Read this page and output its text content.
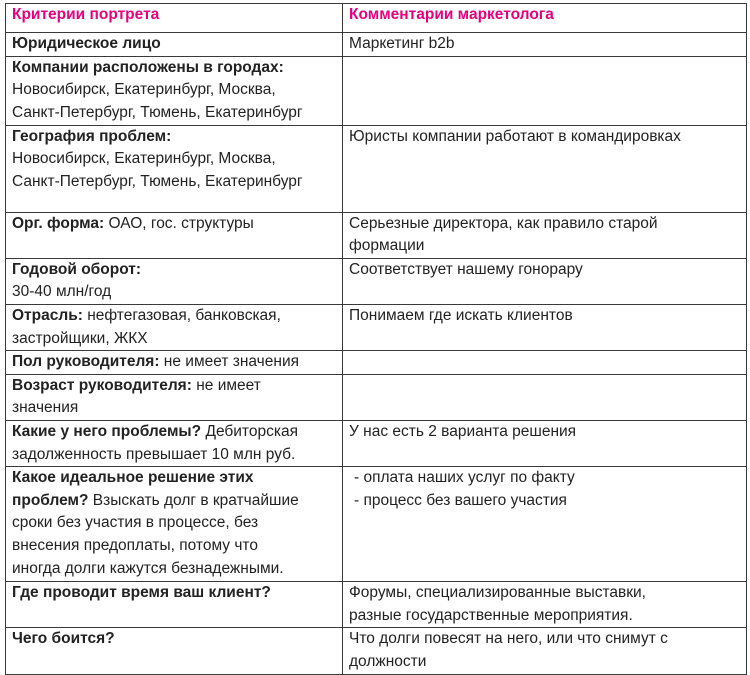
Критерии портрета	Комментарии маркетолога
Юридическое лицо	Маркетинг b2b

Компании расположены в городах:
Новосибирск, Екатеринбург, Москва,
Санкт-Петербург, Тюмень, Екатеринбург	

География проблем:
Новосибирск, Екатеринбург, Москва,
Санкт-Петербург, Тюмень, Екатеринбург	Юристы компании работают в командировках

Орг. форма: ОАО, гос. структуры	Серьезные директора, как правило старой
формации

Годовой оборот:
30-40 млн/год	Соответствует нашему гонорару

Отрасль: нефтегазовая, банковская,
застройщики, ЖКХ	Понимаем где искать клиентов

Пол руководителя: не имеет значения	

Возраст руководителя: не имеет
значения	

Какие у него проблемы? Дебиторская
задолженность превышает 10 млн руб.	У нас есть 2 варианта решения

Какое идеальное решение этих
проблем? Взыскать долг в кратчайшие
сроки без участия в процессе, без
внесения предоплаты, потому что
иногда долги кажутся безнадежными.	- оплата наших услуг по факту
- процесс без вашего участия

Где проводит время ваш клиент?	Форумы, специализированные выставки,
разные государственные мероприятия.

Чего боится?	Что долги повесят на него, или что снимут с
должности
